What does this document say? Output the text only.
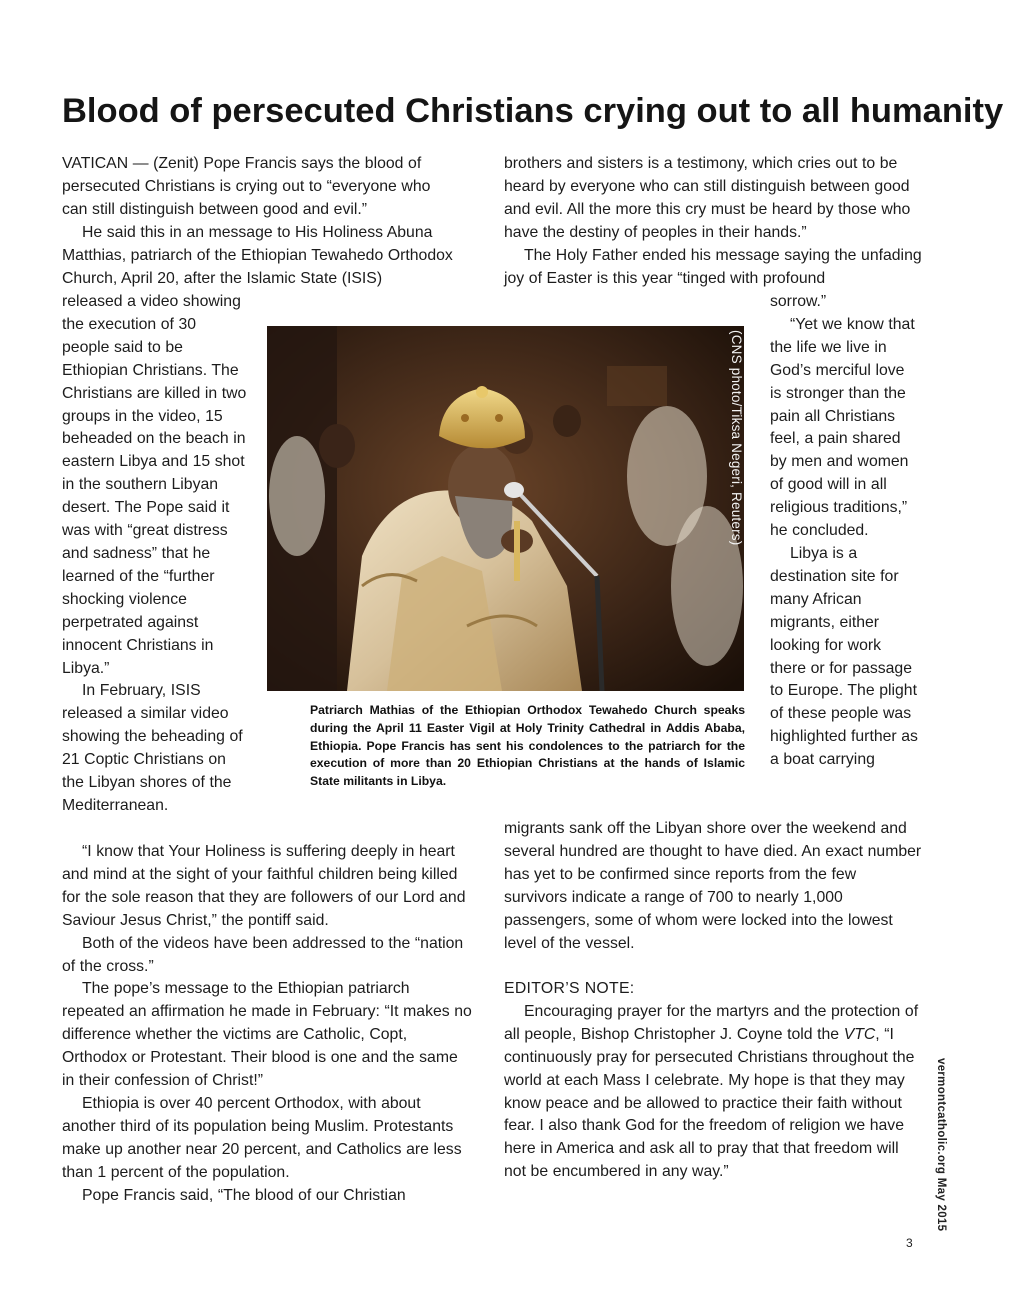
Blood of persecuted Christians crying out to all humanity

VATICAN — (Zenit) Pope Francis says the blood of persecuted Christians is crying out to “everyone who can still distinguish between good and evil.”

He said this in an message to His Holiness Abuna Matthias, patriarch of the Ethiopian Tewahedo Orthodox Church, April 20, after the Islamic State (ISIS)

released a video showing the execution of 30 people said to be Ethiopian Christians. The Christians are killed in two groups in the video, 15 beheaded on the beach in eastern Libya and 15 shot in the southern Libyan desert. The Pope said it was with “great distress and sadness” that he learned of the “further shocking violence perpetrated against innocent Christians in Libya.”

In February, ISIS released a similar video showing the beheading of 21 Coptic Christians on the Libyan shores of the Mediterranean.

“I know that Your Holiness is suffering deeply in heart and mind at the sight of your faithful children being killed for the sole reason that they are followers of our Lord and Saviour Jesus Christ,” the pontiff said.

Both of the videos have been addressed to the “nation of the cross.”

The pope’s message to the Ethiopian patriarch repeated an affirmation he made in February: “It makes no difference whether the victims are Catholic, Copt, Orthodox or Protestant. Their blood is one and the same in their confession of Christ!”

Ethiopia is over 40 percent Orthodox, with about another third of its population being Muslim. Protestants make up another near 20 percent, and Catholics are less than 1 percent of the population.

Pope Francis said, “The blood of our Christian

brothers and sisters is a testimony, which cries out to be heard by everyone who can still distinguish between good and evil. All the more this cry must be heard by those who have the destiny of peoples in their hands.”

The Holy Father ended his message saying the unfading joy of Easter is this year “tinged with profound

sorrow.”

“Yet we know that the life we live in God’s merciful love is stronger than the pain all Christians feel, a pain shared by men and women of good will in all religious traditions,” he concluded.

Libya is a destination site for many African migrants, either looking for work there or for passage to Europe. The plight of these people was highlighted further as a boat carrying

migrants sank off the Libyan shore over the weekend and several hundred are thought to have died. An exact number has yet to be confirmed since reports from the few survivors indicate a range of 700 to nearly 1,000 passengers, some of whom were locked into the lowest level of the vessel.

EDITOR’S NOTE:

Encouraging prayer for the martyrs and the protection of all people, Bishop Christopher J. Coyne told the VTC, “I continuously pray for persecuted Christians throughout the world at each Mass I celebrate. My hope is that they may know peace and be allowed to practice their faith without fear. I also thank God for the freedom of religion we have here in America and ask all to pray that that freedom will not be encumbered in any way.”

(CNS photo/Tiksa Negeri, Reuters)

Patriarch Mathias of the Ethiopian Orthodox Tewahedo Church speaks during the April 11 Easter Vigil at Holy Trinity Cathedral in Addis Ababa, Ethiopia. Pope Francis has sent his condolences to the patriarch for the execution of more than 20 Ethiopian Christians at the hands of Islamic State militants in Libya.

vermontcatholic.org May 2015
3
